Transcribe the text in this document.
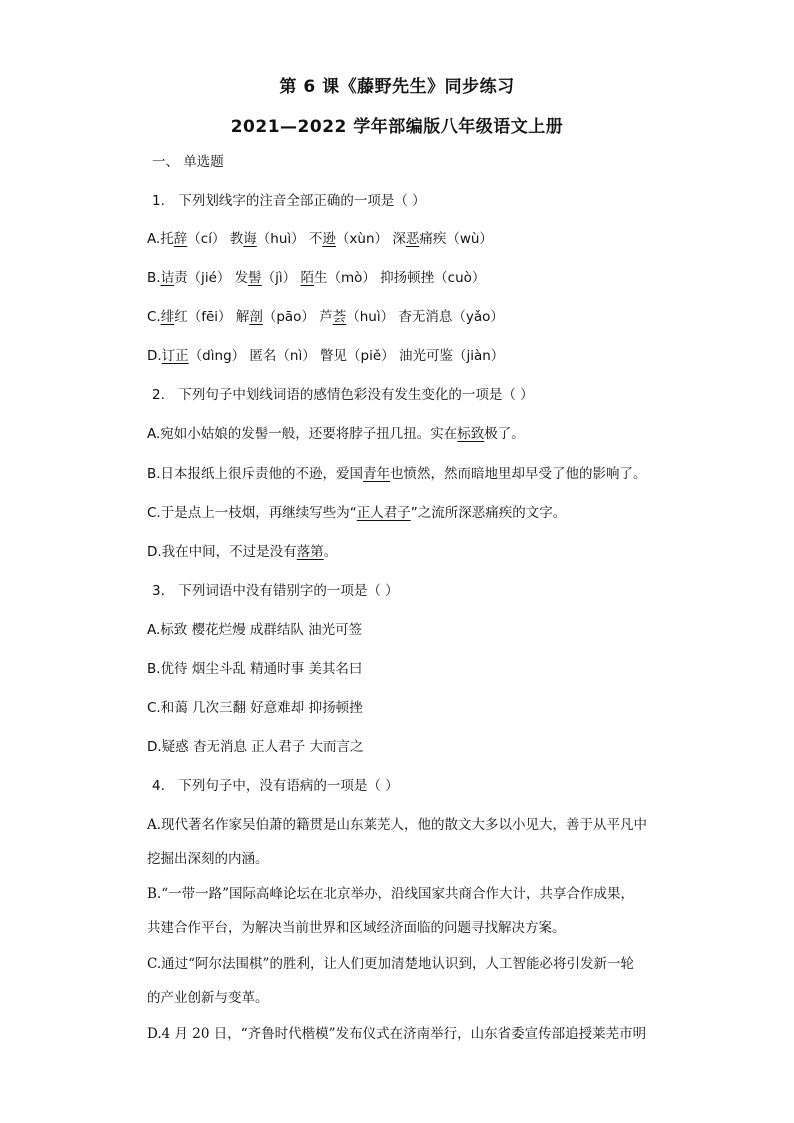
第 6 课《藤野先生》同步练习
2021—2022 学年部编版八年级语文上册
一、 单选题
1.　下列划线字的注音全部正确的一项是（ ）
A.托辞（cí） 教诲（huì） 不逊（xùn） 深恶痛疾（wù）
B.诘责（jié） 发髻（jì） 陌生（mò） 抑扬顿挫（cuò）
C.绯红（fēi） 解剖（pāo） 芦荟（huì） 杳无消息（yǎo）
D.订正（dìng） 匿名（nì） 瞥见（piě） 油光可鉴（jiàn）
2.　下列句子中划线词语的感情色彩没有发生变化的一项是（ ）
A.宛如小姑娘的发髻一般，还要将脖子扭几扭。实在标致极了。
B.日本报纸上很斥责他的不逊，爱国青年也愤然，然而暗地里却早受了他的影响了。
C.于是点上一枝烟，再继续写些为“正人君子”之流所深恶痛疾的文字。
D.我在中间，不过是没有落第。
3.　下列词语中没有错别字的一项是（ ）
A.标致 樱花烂熳 成群结队 油光可签
B.优待 烟尘斗乱 精通时事 美其名曰
C.和蔼 几次三翻 好意难却 抑扬顿挫
D.疑惑 杳无消息 正人君子 大而言之
4.　下列句子中，没有语病的一项是（ ）
A.现代著名作家吴伯萧的籍贯是山东莱芜人，他的散文大多以小见大，善于从平凡中
挖掘出深刻的内涵。
B.“一带一路”国际高峰论坛在北京举办，沿线国家共商合作大计，共享合作成果，
共建合作平台，为解决当前世界和区域经济面临的问题寻找解决方案。
C.通过“阿尔法围棋”的胜利，让人们更加清楚地认识到，人工智能必将引发新一轮
的产业创新与变革。
D.4 月 20 日，“齐鲁时代楷模”发布仪式在济南举行，山东省委宣传部追授莱芜市明
